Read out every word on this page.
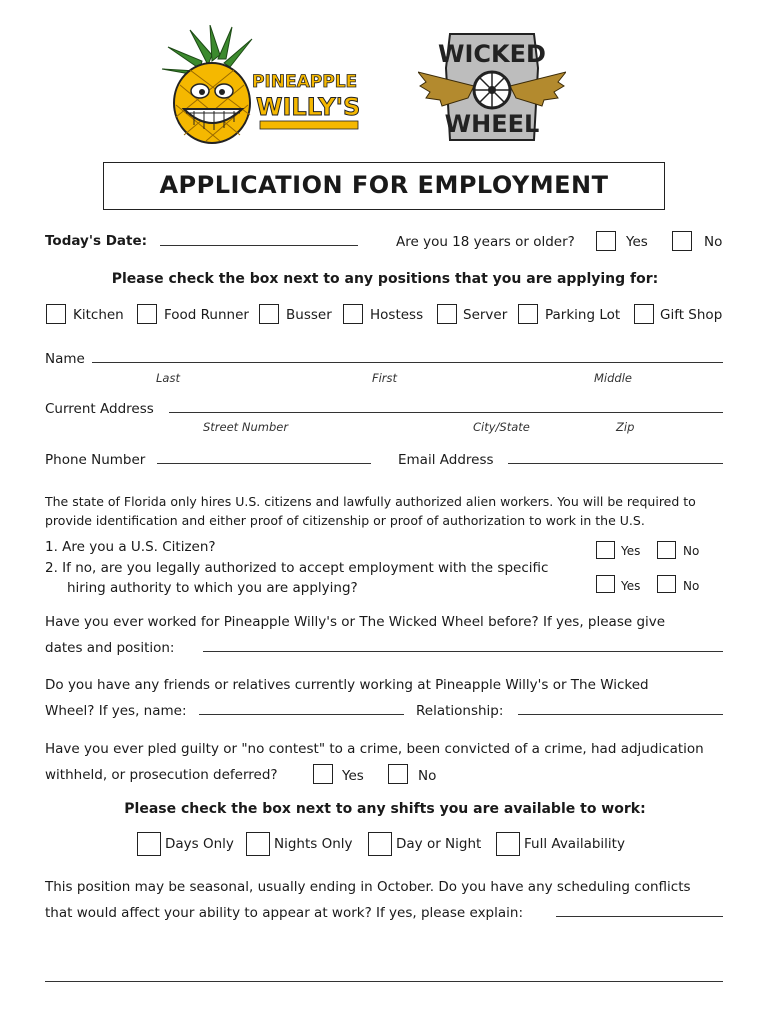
PINEAPPLE
WILLY'S
WICKED
WHEEL
APPLICATION FOR EMPLOYMENT
Today's Date:	Are you 18 years or older?	Yes	No
Please check the box next to any positions that you are applying for:
Kitchen	Food Runner	Busser	Hostess	Server	Parking Lot	Gift Shop
Name
Last	First	Middle
Current Address
Street Number	City/State	Zip
Phone Number	Email Address
The state of Florida only hires U.S. citizens and lawfully authorized alien workers. You will be required to
provide identification and either proof of citizenship or proof of authorization to work in the U.S.
1. Are you a U.S. Citizen?
2. If no, are you legally authorized to accept employment with the specific
hiring authority to which you are applying?
Yes	No
Yes	No
Have you ever worked for Pineapple Willy's or The Wicked Wheel before? If yes, please give
dates and position:
Do you have any friends or relatives currently working at Pineapple Willy's or The Wicked
Wheel? If yes, name:	Relationship:
Have you ever pled guilty or "no contest" to a crime, been convicted of a crime, had adjudication
withheld, or prosecution deferred?	Yes	No
Please check the box next to any shifts you are available to work:
Days Only	Nights Only	Day or Night	Full Availability
This position may be seasonal, usually ending in October. Do you have any scheduling conflicts
that would affect your ability to appear at work? If yes, please explain:
